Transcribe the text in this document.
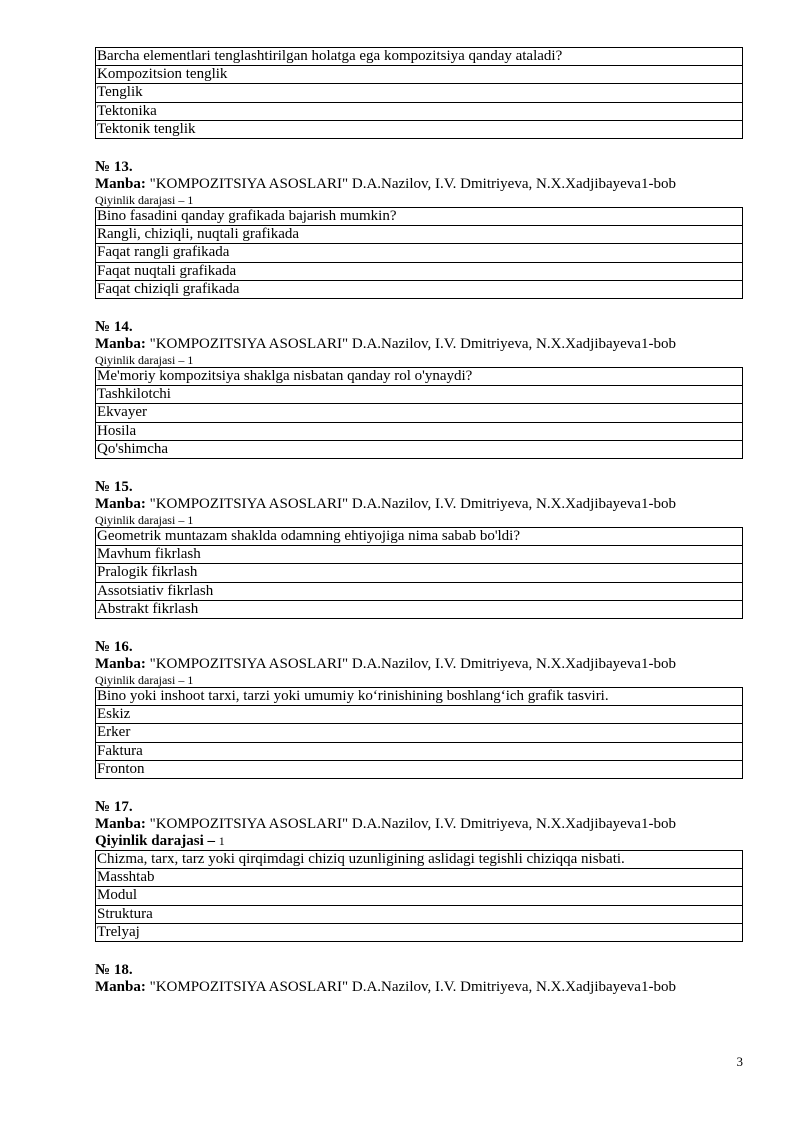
Barcha elementlari tenglashtirilgan holatga ega kompozitsiya qanday ataladi?
Kompozitsion tenglik
Tenglik
Tektonika
Tektonik tenglik

№ 13.

Manba: "KOMPOZITSIYA ASOSLARI" D.A.Nazilov, I.V. Dmitriyeva, N.X.Xadjibayeva1-bob

Qiyinlik darajasi – 1

Bino fasadini qanday grafikada bajarish mumkin?
Rangli, chiziqli, nuqtali grafikada
Faqat rangli grafikada
Faqat nuqtali grafikada
Faqat chiziqli grafikada

№ 14.

Manba: "KOMPOZITSIYA ASOSLARI" D.A.Nazilov, I.V. Dmitriyeva, N.X.Xadjibayeva1-bob

Qiyinlik darajasi – 1

Me'moriy kompozitsiya shaklga nisbatan qanday rol o'ynaydi?
Tashkilotchi
Ekvayer
Hosila
Qo'shimcha

№ 15.

Manba: "KOMPOZITSIYA ASOSLARI" D.A.Nazilov, I.V. Dmitriyeva, N.X.Xadjibayeva1-bob

Qiyinlik darajasi – 1

Geometrik muntazam shaklda odamning ehtiyojiga nima sabab bo'ldi?
Mavhum fikrlash
Pralogik fikrlash
Assotsiativ fikrlash
Abstrakt fikrlash

№ 16.

Manba: "KOMPOZITSIYA ASOSLARI" D.A.Nazilov, I.V. Dmitriyeva, N.X.Xadjibayeva1-bob

Qiyinlik darajasi – 1

Bino yoki inshoot tarxi, tarzi yoki umumiy ko‘rinishining boshlang‘ich grafik tasviri.
Eskiz
Erker
Faktura
Fronton

№ 17.

Manba: "KOMPOZITSIYA ASOSLARI" D.A.Nazilov, I.V. Dmitriyeva, N.X.Xadjibayeva1-bob

Qiyinlik darajasi – 1

Chizma, tarx, tarz yoki qirqimdagi chiziq uzunligining aslidagi tegishli chiziqqa nisbati.
Masshtab
Modul
Struktura
Trelyaj

№ 18.

Manba: "KOMPOZITSIYA ASOSLARI" D.A.Nazilov, I.V. Dmitriyeva, N.X.Xadjibayeva1-bob

3
